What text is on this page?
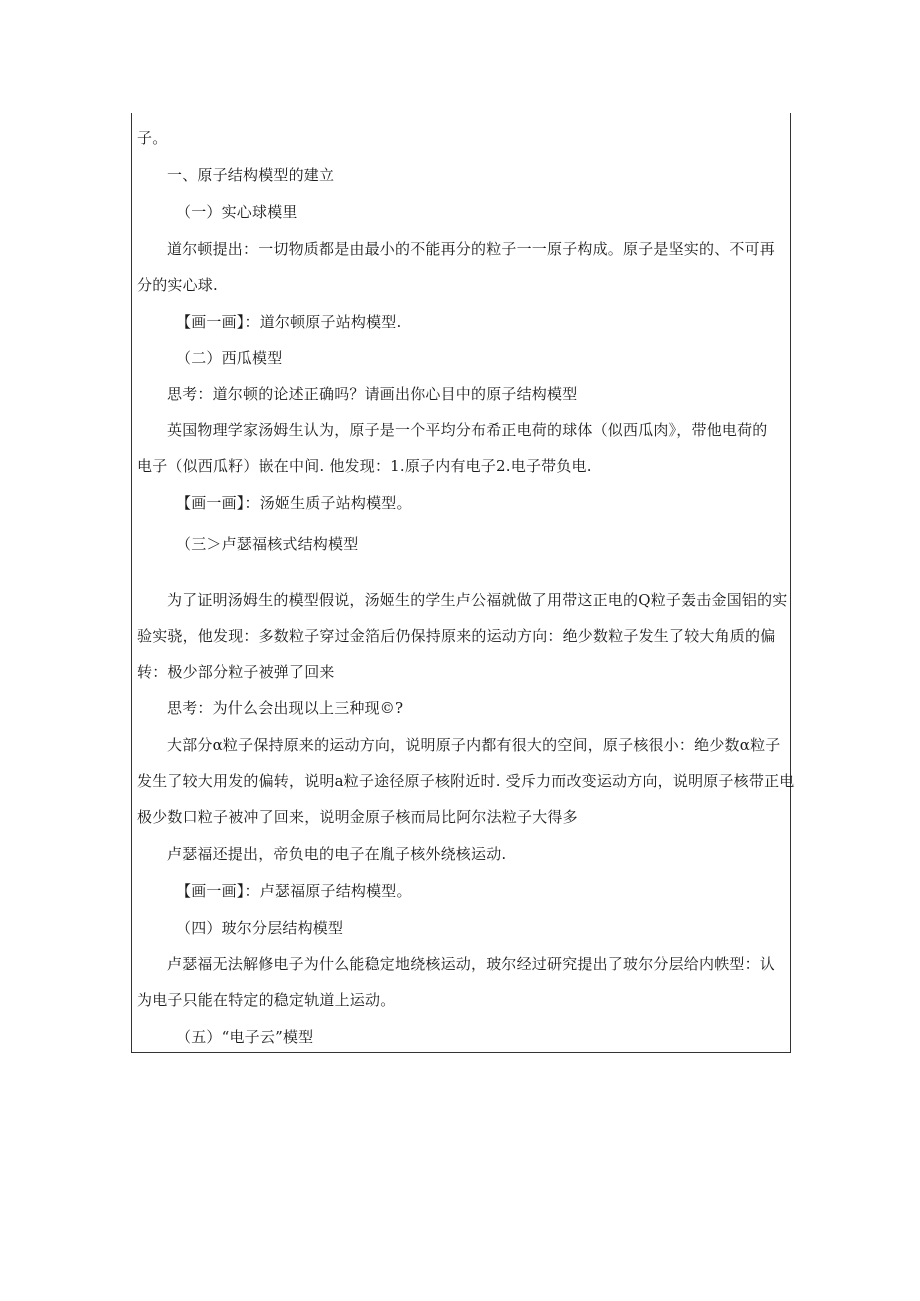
子。
一、原子结构模型的建立
（一）实心球模里
道尔顿提出：一切物质都是由最小的不能再分的粒子一一原子构成。原子是坚实的、不可再
分的实心球.
【画一画】：道尔顿原子站构模型.
（二）西瓜模型
思考：道尔顿的论述正确吗？请画出你心目中的原子结构模型
英国物理学家汤姆生认为，原子是一个平均分布希正电荷的球体（似西瓜肉》，带他电荷的
电子（似西瓜籽）嵌在中间. 他发现：1.原子内有电子2.电子带负电.
【画一画】：汤姬生质子站构模型。
（三＞卢瑟福核式结构模型
为了证明汤姆生的模型假说，汤姬生的学生卢公福就做了用带这正电的Q粒子轰击金国铝的实
验实骁，他发现：多数粒子穿过金箔后仍保持原来的运动方向：绝少数粒子发生了较大角质的偏
转：极少部分粒子被弹了回来
思考：为什么会出现以上三种现©?
大部分α粒子保持原来的运动方向，说明原子内都有很大的空间，原子核很小：绝少数α粒子
发生了较大用发的偏转，说明a粒子途径原子核附近时. 受斥力而改变运动方向，说明原子核带正电
极少数口粒子被冲了回来，说明金原子核而局比阿尔法粒子大得多
卢瑟福还提出，帝负电的电子在胤子核外绕核运动.
【画一画】：卢瑟福原子结构模型。
（四）玻尔分层结构模型
卢瑟福无法解修电子为什么能稳定地绕核运动，玻尔经过研究提出了玻尔分层给内帙型：认
为电子只能在特定的稳定轨道上运动。
（五）“电子云”模型
